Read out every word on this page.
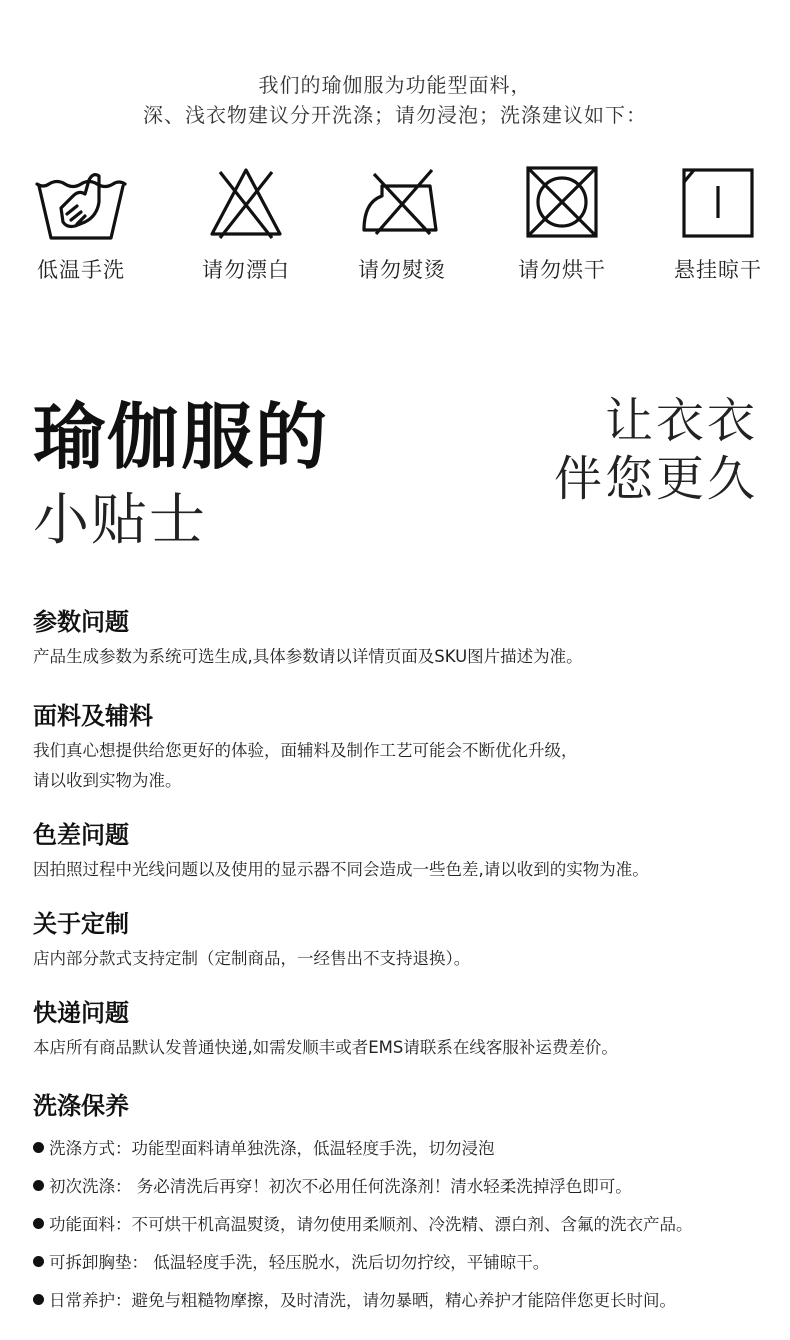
我们的瑜伽服为功能型面料，
深、浅衣物建议分开洗涤；请勿浸泡；洗涤建议如下：
低温手洗	请勿漂白	请勿熨烫	请勿烘干	悬挂晾干
瑜伽服的
小贴士
让衣衣
伴您更久
参数问题
产品生成参数为系统可选生成,具体参数请以详情页面及SKU图片描述为准。
面料及辅料
我们真心想提供给您更好的体验，面辅料及制作工艺可能会不断优化升级，
请以收到实物为准。
色差问题
因拍照过程中光线问题以及使用的显示器不同会造成一些色差,请以收到的实物为准。
关于定制
店内部分款式支持定制（定制商品，一经售出不支持退换）。
快递问题
本店所有商品默认发普通快递,如需发顺丰或者EMS请联系在线客服补运费差价。
洗涤保养
洗涤方式：功能型面料请单独洗涤，低温轻度手洗，切勿浸泡
初次洗涤： 务必清洗后再穿！初次不必用任何洗涤剂！清水轻柔洗掉浮色即可。
功能面料：不可烘干机高温熨烫，请勿使用柔顺剂、冷洗精、漂白剂、含氟的洗衣产品。
可拆卸胸垫： 低温轻度手洗，轻压脱水，洗后切勿拧绞，平铺晾干。
日常养护：避免与粗糙物摩擦，及时清洗，请勿暴晒，精心养护才能陪伴您更长时间。
